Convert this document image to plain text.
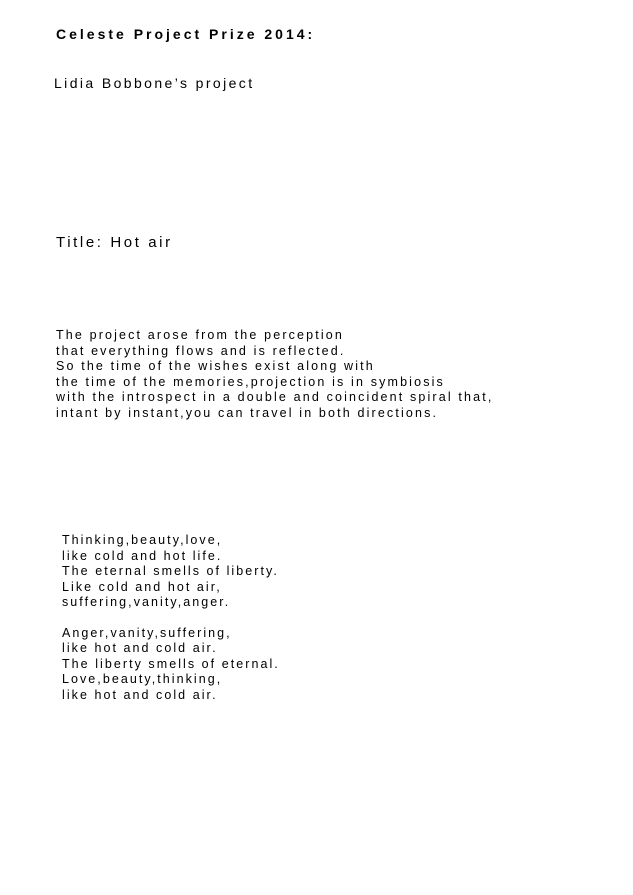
Celeste Project Prize 2014:
Lidia Bobbone’s project
Title: Hot air
The project arose from the perception
that everything flows and is reflected.
So the time of the wishes exist along with
the time of the memories,projection is in symbiosis
with the introspect in a double and coincident spiral that,
intant by instant,you can travel in both directions.
Thinking,beauty,love,
like cold and hot life.
The eternal smells of liberty.
Like cold and hot air,
suffering,vanity,anger.
Anger,vanity,suffering,
like hot and cold air.
The liberty smells of eternal.
Love,beauty,thinking,
like hot and cold air.
